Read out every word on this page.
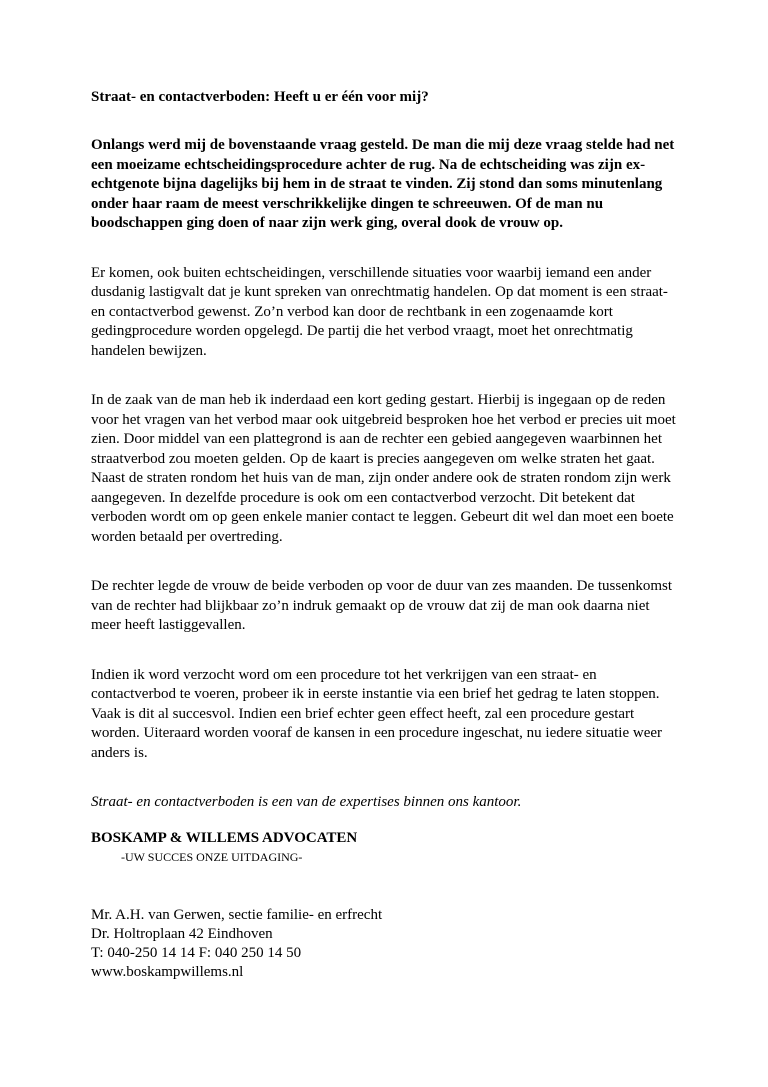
Straat- en contactverboden: Heeft u er één voor mij?

Onlangs werd mij de bovenstaande vraag gesteld. De man die mij deze vraag stelde had net een moeizame echtscheidingsprocedure achter de rug. Na de echtscheiding was zijn ex-echtgenote bijna dagelijks bij hem in de straat te vinden. Zij stond dan soms minutenlang onder haar raam de meest verschrikkelijke dingen te schreeuwen. Of de man nu boodschappen ging doen of naar zijn werk ging, overal dook de vrouw op.

Er komen, ook buiten echtscheidingen, verschillende situaties voor waarbij iemand een ander dusdanig lastigvalt dat je kunt spreken van onrechtmatig handelen. Op dat moment is een straat- en contactverbod gewenst. Zo’n verbod kan door de rechtbank in een zogenaamde kort gedingprocedure worden opgelegd. De partij die het verbod vraagt, moet het onrechtmatig handelen bewijzen.

In de zaak van de man heb ik inderdaad een kort geding gestart. Hierbij is ingegaan op de reden voor het vragen van het verbod maar ook uitgebreid besproken hoe het verbod er precies uit moet zien. Door middel van een plattegrond is aan de rechter een gebied aangegeven waarbinnen het straatverbod zou moeten gelden. Op de kaart is precies aangegeven om welke straten het gaat. Naast de straten rondom het huis van de man, zijn onder andere ook de straten rondom zijn werk aangegeven. In dezelfde procedure is ook om een contactverbod verzocht. Dit betekent dat verboden wordt om op geen enkele manier contact te leggen. Gebeurt dit wel dan moet een boete worden betaald per overtreding.

De rechter legde de vrouw de beide verboden op voor de duur van zes maanden. De tussenkomst van de rechter had blijkbaar zo’n indruk gemaakt op de vrouw dat zij de man ook daarna niet meer heeft lastiggevallen.

Indien ik word verzocht word om een procedure tot het verkrijgen van een straat- en contactverbod te voeren, probeer ik in eerste instantie via een brief het gedrag te laten stoppen. Vaak is dit al succesvol. Indien een brief echter geen effect heeft, zal een procedure gestart worden. Uiteraard worden vooraf de kansen in een procedure ingeschat, nu iedere situatie weer anders is.

Straat- en contactverboden is een van de expertises binnen ons kantoor.

BOSKAMP & WILLEMS ADVOCATEN

-UW SUCCES ONZE UITDAGING-

Mr. A.H. van Gerwen, sectie familie- en erfrecht

Dr. Holtroplaan 42 Eindhoven

T: 040-250 14 14 F: 040 250 14 50

www.boskampwillems.nl
